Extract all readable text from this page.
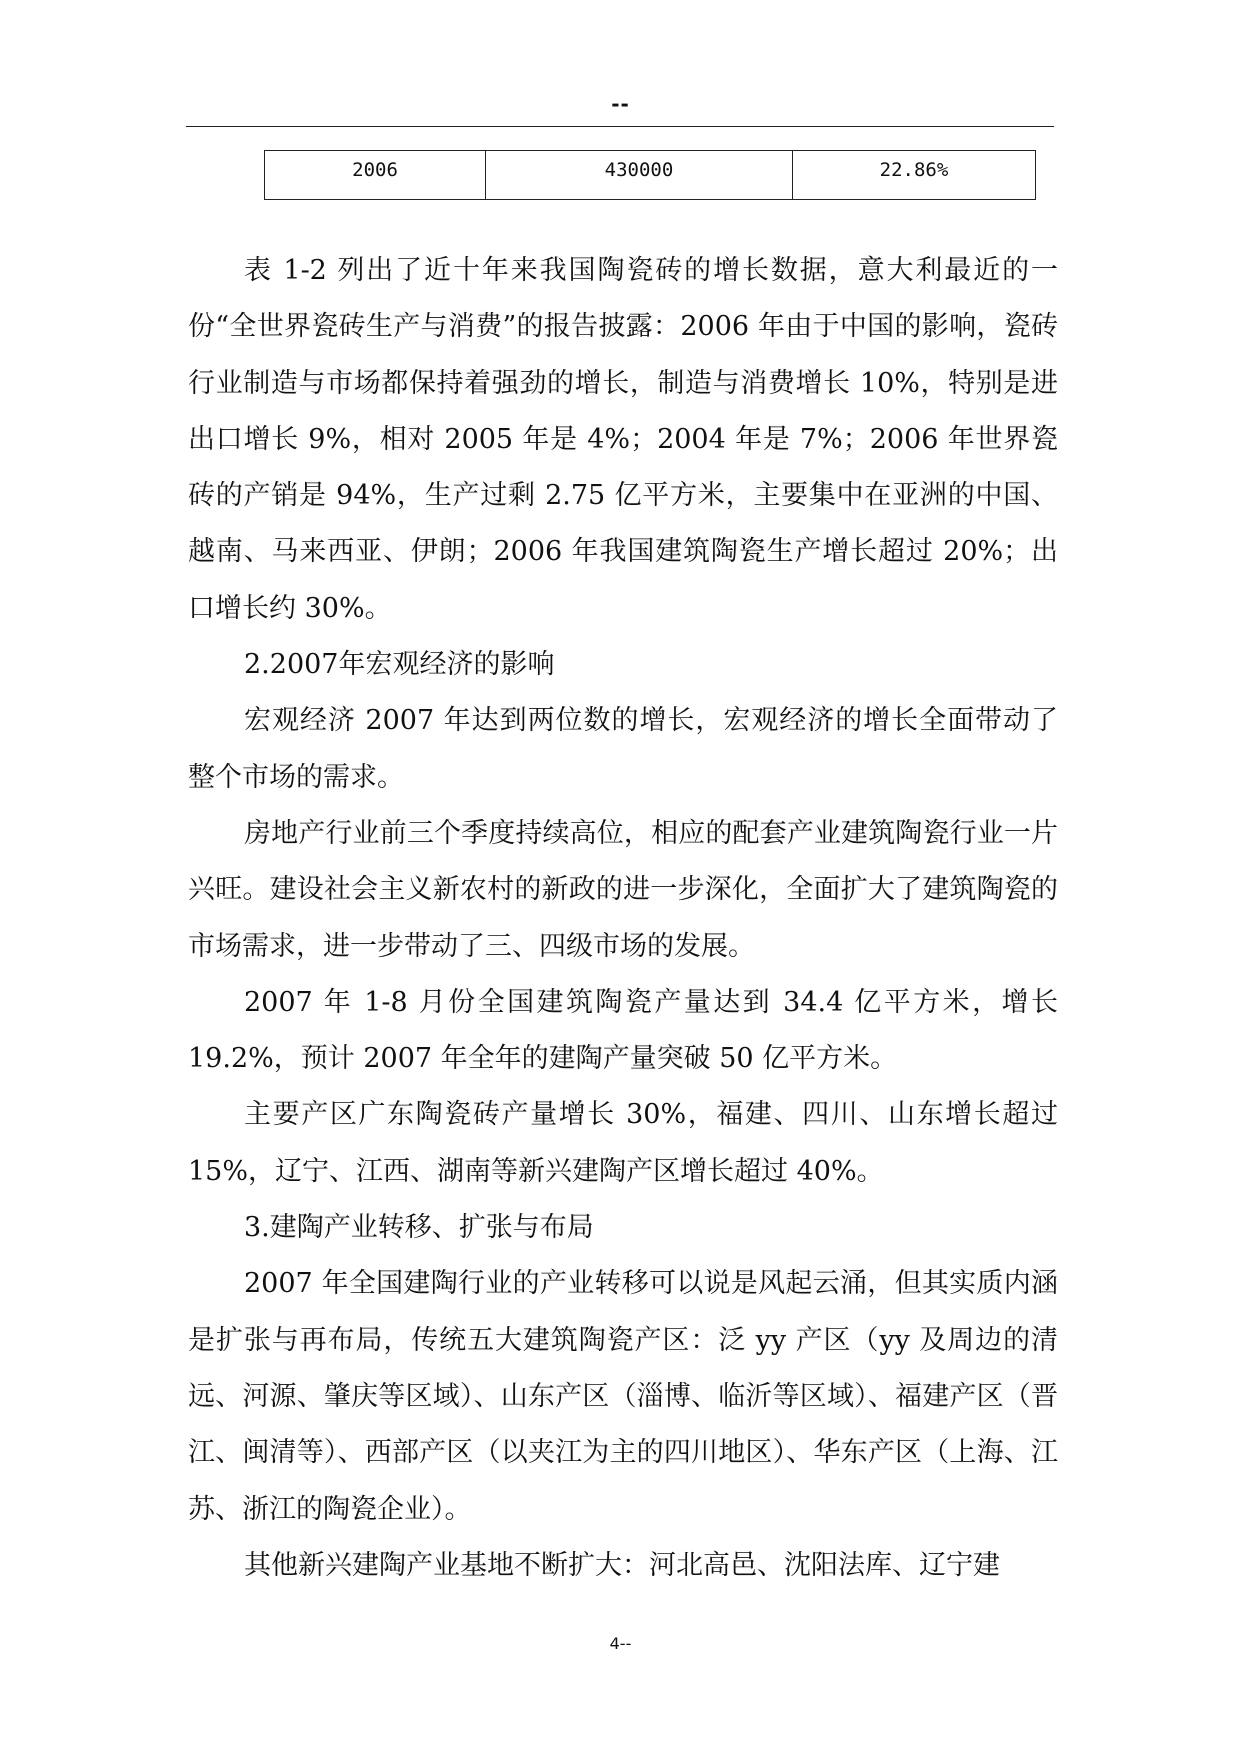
--
2006	430000	22.86%

表 1-2 列出了近十年来我国陶瓷砖的增长数据，意大利最近的一份“全世界瓷砖生产与消费”的报告披露：2006 年由于中国的影响，瓷砖行业制造与市场都保持着强劲的增长，制造与消费增长 10%，特别是进出口增长 9%，相对 2005 年是 4%；2004 年是 7%；2006 年世界瓷砖的产销是 94%，生产过剩 2.75 亿平方米，主要集中在亚洲的中国、越南、马来西亚、伊朗；2006 年我国建筑陶瓷生产增长超过 20%；出口增长约 30%。

2.2007年宏观经济的影响

宏观经济 2007 年达到两位数的增长，宏观经济的增长全面带动了整个市场的需求。

房地产行业前三个季度持续高位，相应的配套产业建筑陶瓷行业一片兴旺。建设社会主义新农村的新政的进一步深化，全面扩大了建筑陶瓷的市场需求，进一步带动了三、四级市场的发展。

2007 年 1-8 月份全国建筑陶瓷产量达到 34.4 亿平方米，增长 19.2%，预计 2007 年全年的建陶产量突破 50 亿平方米。

主要产区广东陶瓷砖产量增长 30%，福建、四川、山东增长超过 15%，辽宁、江西、湖南等新兴建陶产区增长超过 40%。

3.建陶产业转移、扩张与布局

2007 年全国建陶行业的产业转移可以说是风起云涌，但其实质内涵是扩张与再布局，传统五大建筑陶瓷产区：泛 yy 产区（yy 及周边的清远、河源、肇庆等区域）、山东产区（淄博、临沂等区域）、福建产区（晋江、闽清等）、西部产区（以夹江为主的四川地区）、华东产区（上海、江苏、浙江的陶瓷企业）。

其他新兴建陶产业基地不断扩大：河北高邑、沈阳法库、辽宁建

4--
